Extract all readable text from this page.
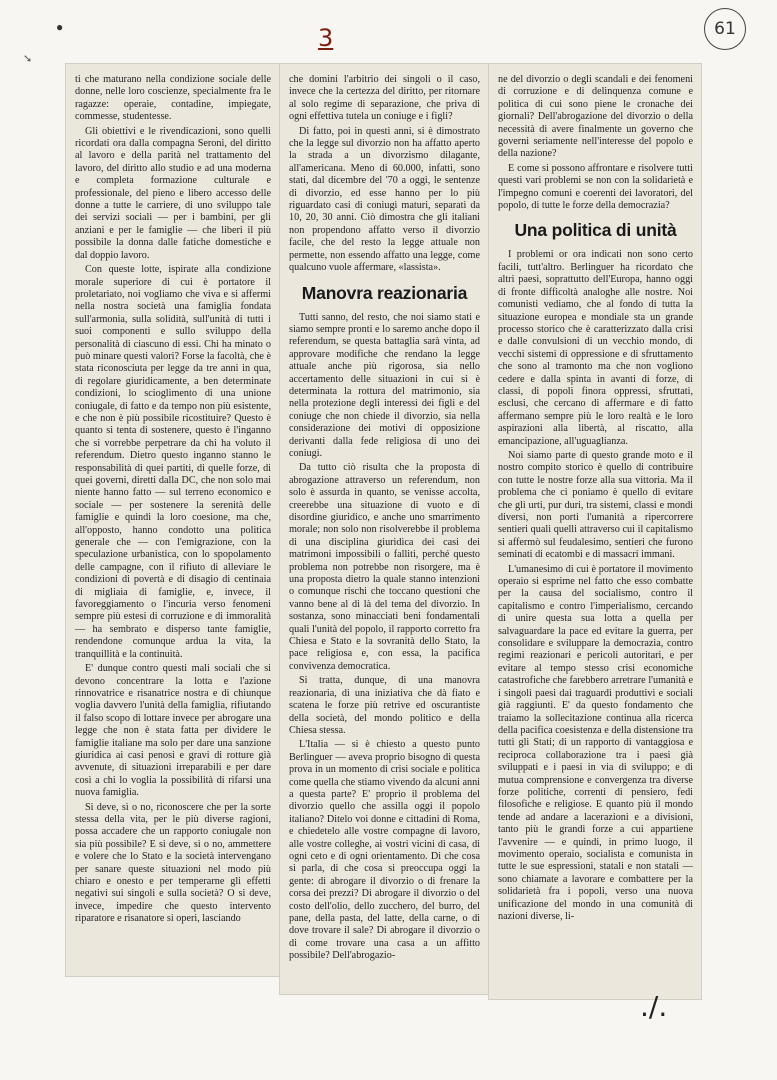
●
➘
3	61

ti che maturano nella condizione sociale delle donne, nelle loro coscienze, specialmente fra le ragazze: operaie, contadine, impiegate, commesse, studentesse.

Gli obiettivi e le rivendicazioni, sono quelli ricordati ora dalla compagna Seroni, del diritto al lavoro e della parità nel trattamento del lavoro, del diritto allo studio e ad una moderna e completa formazione culturale e professionale, del pieno e libero accesso delle donne a tutte le carriere, di uno sviluppo tale dei servizi sociali — per i bambini, per gli anziani e per le famiglie — che liberi il più possibile la donna dalle fatiche domestiche e dal doppio lavoro.

Con queste lotte, ispirate alla condizione morale superiore di cui è portatore il proletariato, noi vogliamo che viva e si affermi nella nostra società una famiglia fondata sull'armonia, sulla solidità, sull'unità di tutti i suoi componenti e sullo sviluppo della personalità di ciascuno di essi. Chi ha minato o può minare questi valori? Forse la facoltà, che è stata riconosciuta per legge da tre anni in qua, di regolare giuridicamente, a ben determinate condizioni, lo scioglimento di una unione coniugale, di fatto e da tempo non più esistente, e che non è più possibile ricostituire? Questo è quanto si tenta di sostenere, questo è l'inganno che si vorrebbe perpetrare da chi ha voluto il referendum. Dietro questo inganno stanno le responsabilità di quei partiti, di quelle forze, di quei governi, diretti dalla DC, che non solo mai niente hanno fatto — sul terreno economico e sociale — per sostenere la serenità delle famiglie e quindi la loro coesione, ma che, all'opposto, hanno condotto una politica generale che — con l'emigrazione, con la speculazione urbanistica, con lo spopolamento delle campagne, con il rifiuto di alleviare le condizioni di povertà e di disagio di centinaia di migliaia di famiglie, e, invece, il favoreggiamento o l'incuria verso fenomeni sempre più estesi di corruzione e di immoralità — ha sembrato e disperso tante famiglie, rendendone comunque ardua la vita, la tranquillità e la continuità.

E' dunque contro questi mali sociali che si devono concentrare la lotta e l'azione rinnovatrice e risanatrice nostra e di chiunque voglia davvero l'unità della famiglia, rifiutando il falso scopo di lottare invece per abrogare una legge che non è stata fatta per dividere le famiglie italiane ma solo per dare una sanzione giuridica ai casi penosi e gravi di rotture già avvenute, di situazioni irreparabili e per dare così a chi lo voglia la possibilità di rifarsi una nuova famiglia.

Si deve, sì o no, riconoscere che per la sorte stessa della vita, per le più diverse ragioni, possa accadere che un rapporto coniugale non sia più possibile? E si deve, sì o no, ammettere e volere che lo Stato e la società intervengano per sanare queste situazioni nel modo più chiaro e onesto e per temperarne gli effetti negativi sui singoli e sulla società? O si deve, invece, impedire che questo intervento riparatore e risanatore si operi, lasciando

che domini l'arbitrio dei singoli o il caso, invece che la certezza del diritto, per ritornare al solo regime di separazione, che priva di ogni effettiva tutela un coniuge e i figli?

Di fatto, poi in questi anni, si è dimostrato che la legge sul divorzio non ha affatto aperto la strada a un divorzismo dilagante, all'americana. Meno di 60.000, infatti, sono stati, dal dicembre del '70 a oggi, le sentenze di divorzio, ed esse hanno per lo più riguardato casi di coniugi maturi, separati da 10, 20, 30 anni. Ciò dimostra che gli italiani non propendono affatto verso il divorzio facile, che del resto la legge attuale non permette, non essendo affatto una legge, come qualcuno vuole affermare, «lassista».

Manovra reazionaria

Tutti sanno, del resto, che noi siamo stati e siamo sempre pronti e lo saremo anche dopo il referendum, se questa battaglia sarà vinta, ad approvare modifiche che rendano la legge attuale anche più rigorosa, sia nello accertamento delle situazioni in cui si è determinata la rottura del matrimonio, sia nella protezione degli interessi dei figli e del coniuge che non chiede il divorzio, sia nella considerazione dei motivi di opposizione derivanti dalla fede religiosa di uno dei coniugi.

Da tutto ciò risulta che la proposta di abrogazione attraverso un referendum, non solo è assurda in quanto, se venisse accolta, creerebbe una situazione di vuoto e di disordine giuridico, e anche uno smarrimento morale; non solo non risolverebbe il problema di una disciplina giuridica dei casi dei matrimoni impossibili o falliti, perché questo problema non potrebbe non risorgere, ma è una proposta dietro la quale stanno intenzioni o comunque rischi che toccano questioni che vanno bene al di là del tema del divorzio. In sostanza, sono minacciati beni fondamentali quali l'unità del popolo, il rapporto corretto fra Chiesa e Stato e la sovranità dello Stato, la pace religiosa e, con essa, la pacifica convivenza democratica.

Si tratta, dunque, di una manovra reazionaria, di una iniziativa che dà fiato e scatena le forze più retrive ed oscurantiste della società, del mondo politico e della Chiesa stessa.

L'Italia — si è chiesto a questo punto Berlinguer — aveva proprio bisogno di questa prova in un momento di crisi sociale e politica come quella che stiamo vivendo da alcuni anni a questa parte? E' proprio il problema del divorzio quello che assilla oggi il popolo italiano? Ditelo voi donne e cittadini di Roma, e chiedetelo alle vostre compagne di lavoro, alle vostre colleghe, ai vostri vicini di casa, di ogni ceto e di ogni orientamento. Di che cosa si parla, di che cosa si preoccupa oggi la gente: di abrogare il divorzio o di frenare la corsa dei prezzi? Di abrogare il divorzio o del costo dell'olio, dello zucchero, del burro, del pane, della pasta, del latte, della carne, o di dove trovare il sale? Di abrogare il divorzio o di come trovare una casa a un affitto possibile? Dell'abrogazio-

ne del divorzio o degli scandali e dei fenomeni di corruzione e di delinquenza comune e politica di cui sono piene le cronache dei giornali? Dell'abrogazione del divorzio o della necessità di avere finalmente un governo che governi seriamente nell'interesse del popolo e della nazione?

E come si possono affrontare e risolvere tutti questi vari problemi se non con la solidarietà e l'impegno comuni e coerenti dei lavoratori, del popolo, di tutte le forze della democrazia?

Una politica di unità

I problemi or ora indicati non sono certo facili, tutt'altro. Berlinguer ha ricordato che altri paesi, soprattutto dell'Europa, hanno oggi di fronte difficoltà analoghe alle nostre. Noi comunisti vediamo, che al fondo di tutta la situazione europea e mondiale sta un grande processo storico che è caratterizzato dalla crisi e dalle convulsioni di un vecchio mondo, di vecchi sistemi di oppressione e di sfruttamento che sono al tramonto ma che non vogliono cedere e dalla spinta in avanti di forze, di classi, di popoli finora oppressi, sfruttati, esclusi, che cercano di affermare e di fatto affermano sempre più le loro realtà e le loro aspirazioni alla libertà, al riscatto, alla emancipazione, all'uguaglianza.

Noi siamo parte di questo grande moto e il nostro compito storico è quello di contribuire con tutte le nostre forze alla sua vittoria. Ma il problema che ci poniamo è quello di evitare che gli urti, pur duri, tra sistemi, classi e mondi diversi, non porti l'umanità a ripercorrere sentieri quali quelli attraverso cui il capitalismo si affermò sul feudalesimo, sentieri che furono seminati di ecatombi e di massacri immani.

L'umanesimo di cui è portatore il movimento operaio si esprime nel fatto che esso combatte per la causa del socialismo, contro il capitalismo e contro l'imperialismo, cercando di unire questa sua lotta a quella per salvaguardare la pace ed evitare la guerra, per consolidare e sviluppare la democrazia, contro regimi reazionari e pericoli autoritari, e per evitare al tempo stesso crisi economiche catastrofiche che farebbero arretrare l'umanità e i singoli paesi dai traguardi produttivi e sociali già raggiunti. E' da questo fondamento che traiamo la sollecitazione continua alla ricerca della pacifica coesistenza e della distensione tra tutti gli Stati; di un rapporto di vantaggiosa e reciproca collaborazione tra i paesi già sviluppati e i paesi in via di sviluppo; e di mutua comprensione e convergenza tra diverse forze politiche, correnti di pensiero, fedi filosofiche e religiose. E quanto più il mondo tende ad andare a lacerazioni e a divisioni, tanto più le grandi forze a cui appartiene l'avvenire — e quindi, in primo luogo, il movimento operaio, socialista e comunista in tutte le sue espressioni, statali e non statali — sono chiamate a lavorare e combattere per la solidarietà fra i popoli, verso una nuova unificazione del mondo in una comunità di nazioni diverse, li-

./.
